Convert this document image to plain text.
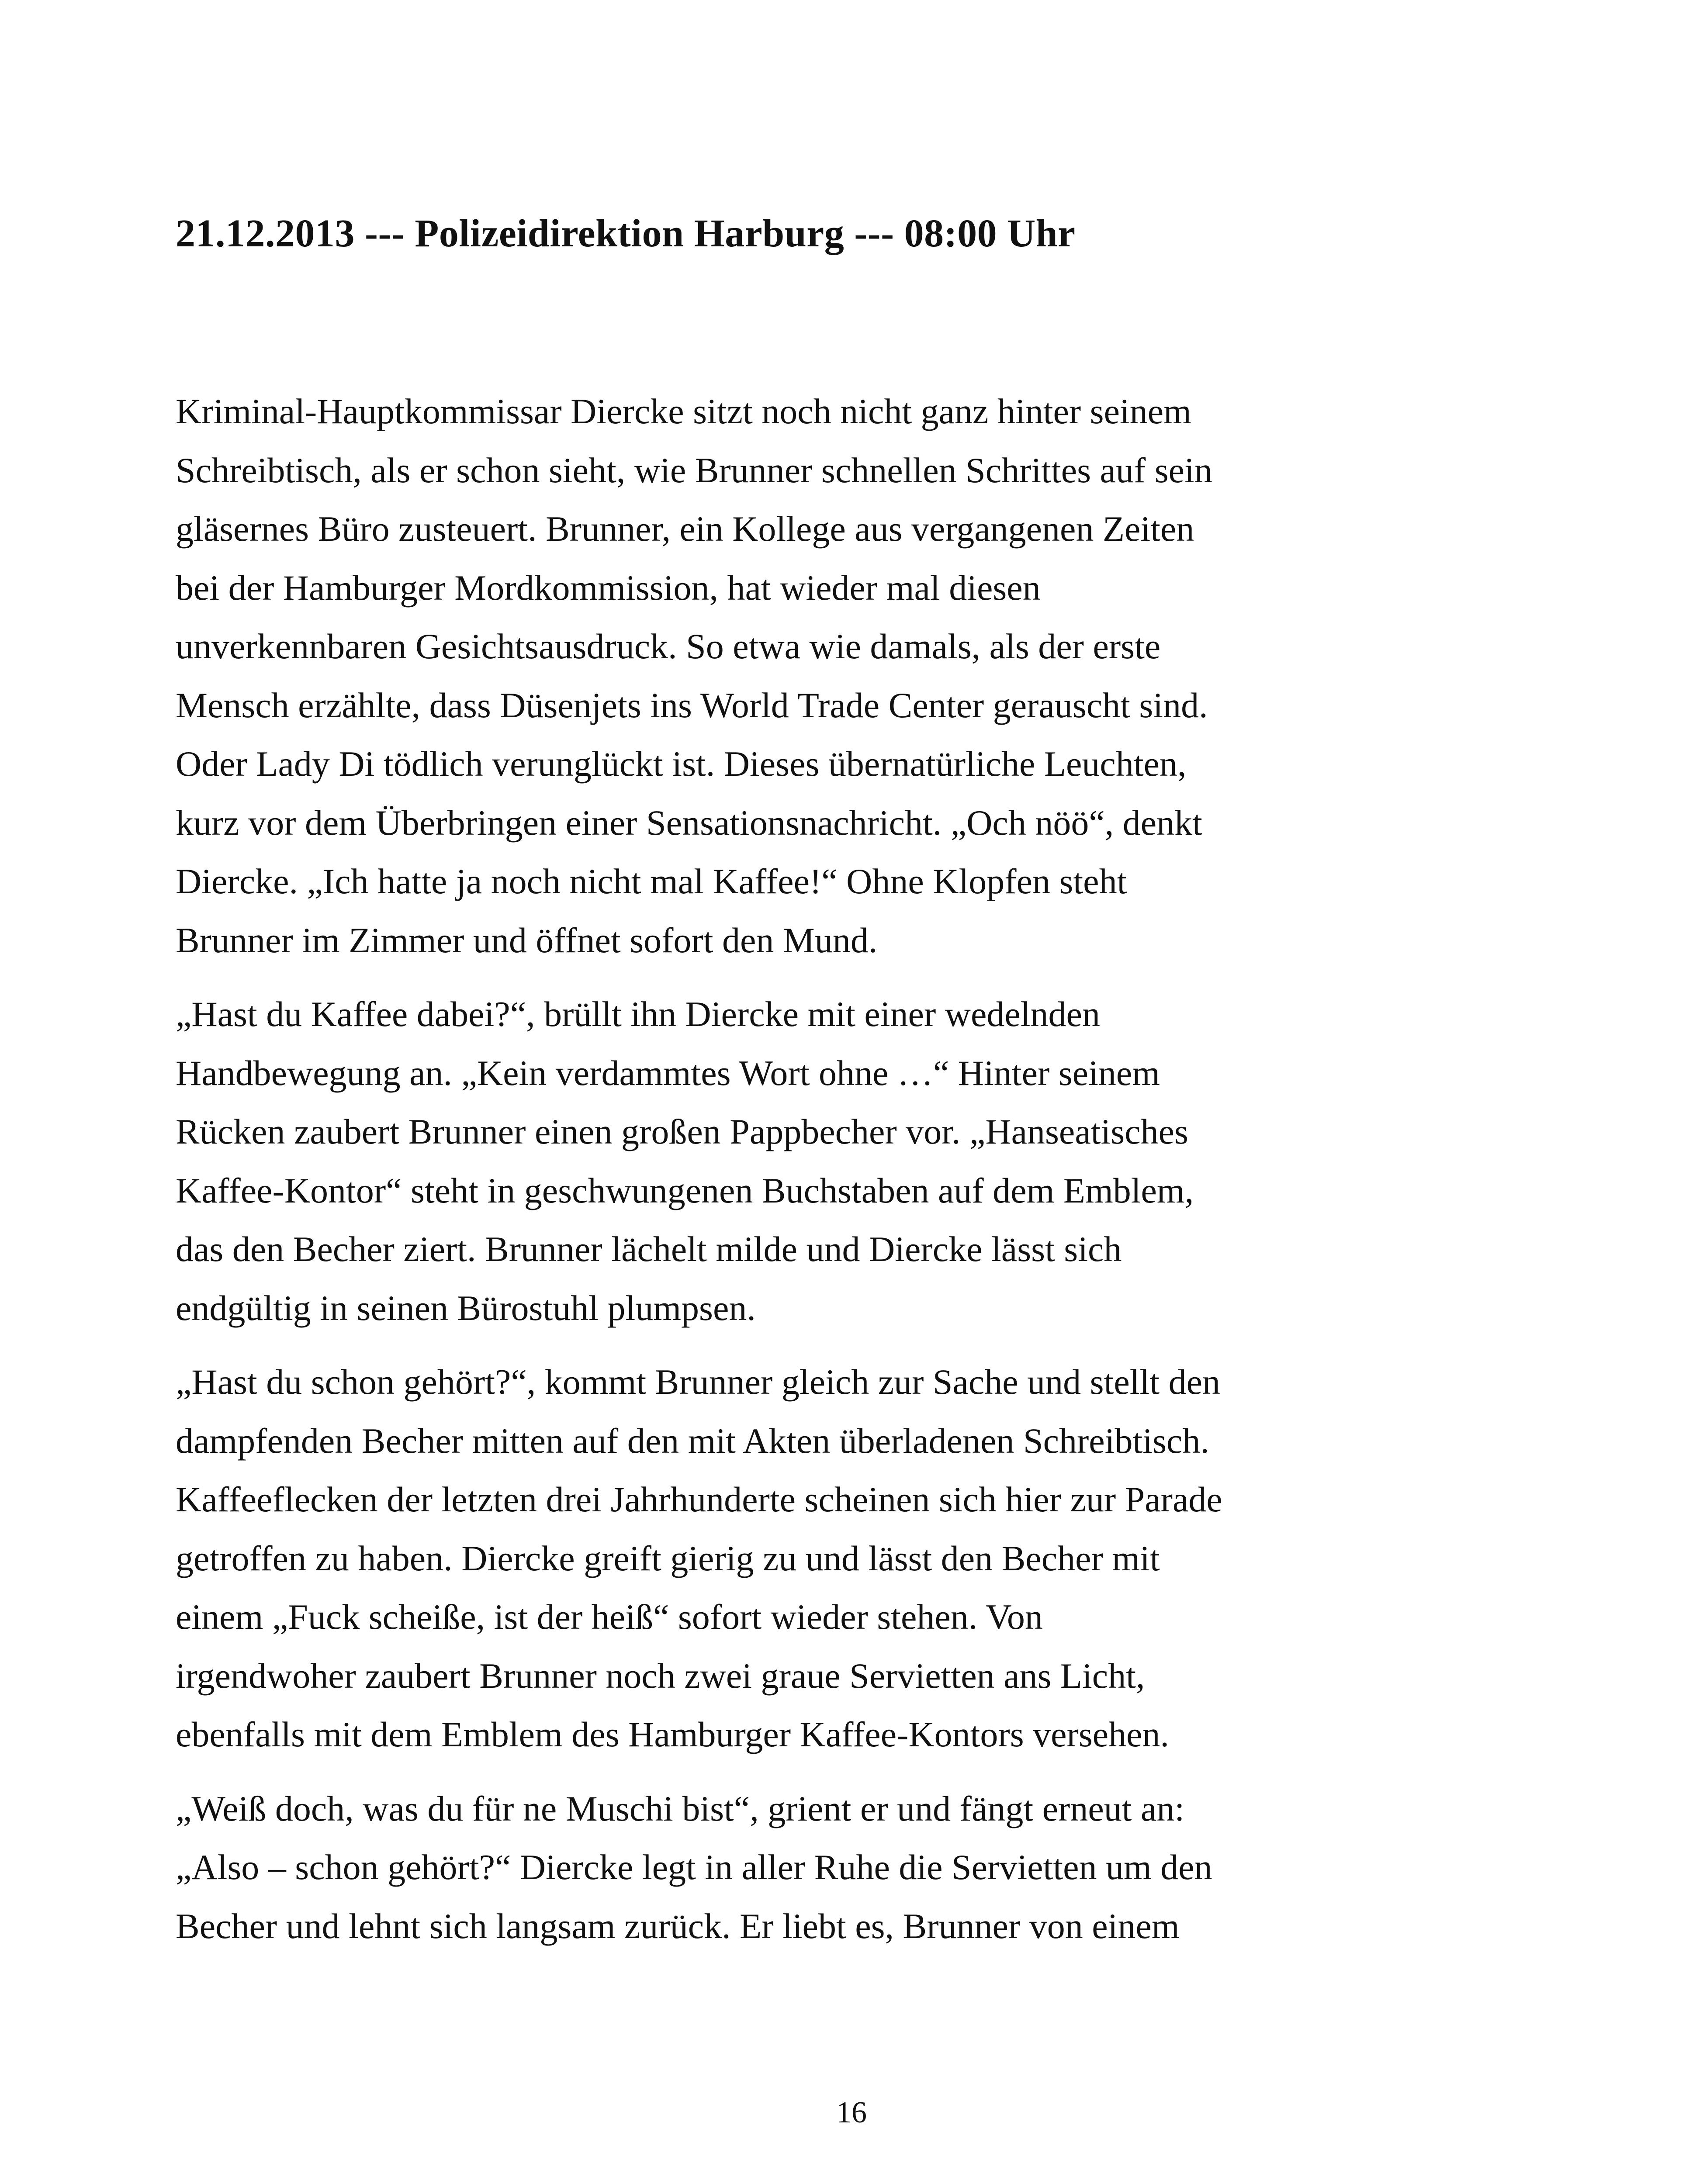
21.12.2013 --- Polizeidirektion Harburg --- 08:00 Uhr

Kriminal-Hauptkommissar Diercke sitzt noch nicht ganz hinter seinem
Schreibtisch, als er schon sieht, wie Brunner schnellen Schrittes auf sein
gläsernes Büro zusteuert. Brunner, ein Kollege aus vergangenen Zeiten
bei der Hamburger Mordkommission, hat wieder mal diesen
unverkennbaren Gesichtsausdruck. So etwa wie damals, als der erste
Mensch erzählte, dass Düsenjets ins World Trade Center gerauscht sind.
Oder Lady Di tödlich verunglückt ist. Dieses übernatürliche Leuchten,
kurz vor dem Überbringen einer Sensationsnachricht. „Och nöö“, denkt
Diercke. „Ich hatte ja noch nicht mal Kaffee!“ Ohne Klopfen steht
Brunner im Zimmer und öffnet sofort den Mund.

„Hast du Kaffee dabei?“, brüllt ihn Diercke mit einer wedelnden
Handbewegung an. „Kein verdammtes Wort ohne …“ Hinter seinem
Rücken zaubert Brunner einen großen Pappbecher vor. „Hanseatisches
Kaffee-Kontor“ steht in geschwungenen Buchstaben auf dem Emblem,
das den Becher ziert. Brunner lächelt milde und Diercke lässt sich
endgültig in seinen Bürostuhl plumpsen.

„Hast du schon gehört?“, kommt Brunner gleich zur Sache und stellt den
dampfenden Becher mitten auf den mit Akten überladenen Schreibtisch.
Kaffeeflecken der letzten drei Jahrhunderte scheinen sich hier zur Parade
getroffen zu haben. Diercke greift gierig zu und lässt den Becher mit
einem „Fuck scheiße, ist der heiß“ sofort wieder stehen. Von
irgendwoher zaubert Brunner noch zwei graue Servietten ans Licht,
ebenfalls mit dem Emblem des Hamburger Kaffee-Kontors versehen.

„Weiß doch, was du für ne Muschi bist“, grient er und fängt erneut an:
„Also – schon gehört?“ Diercke legt in aller Ruhe die Servietten um den
Becher und lehnt sich langsam zurück. Er liebt es, Brunner von einem

16
